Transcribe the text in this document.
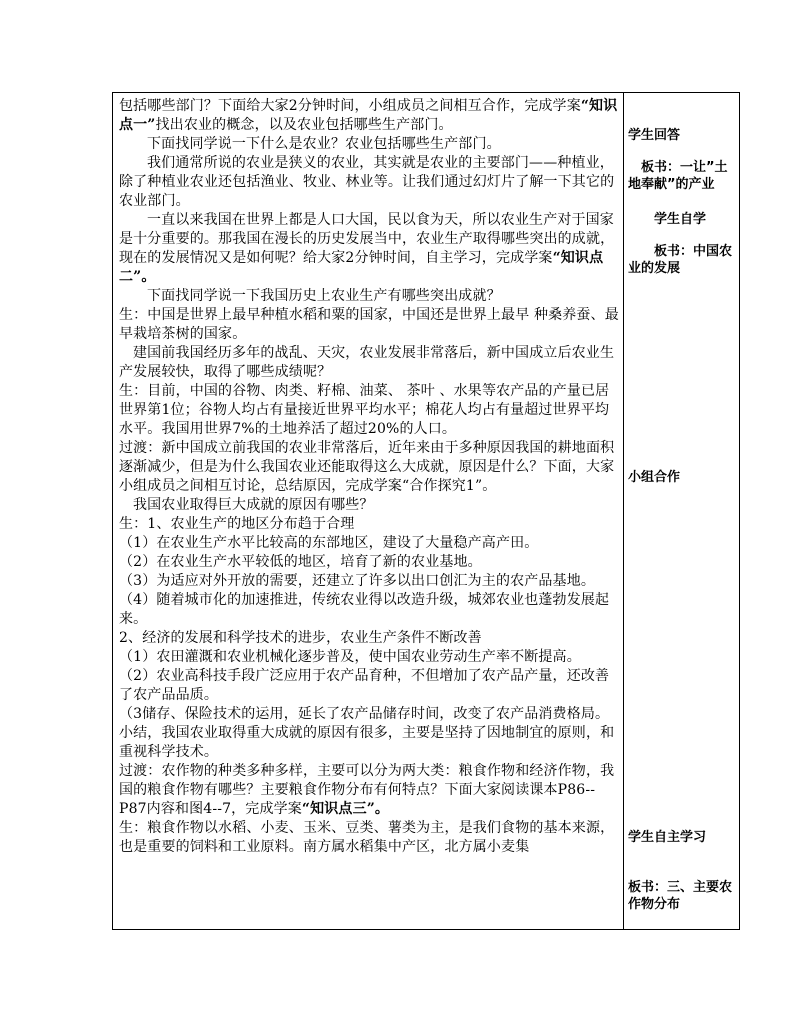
包括哪些部门？下面给大家2分钟时间，小组成员之间相互合作，完成学案“知识点一”找出农业的概念，以及农业包括哪些生产部门。

下面找同学说一下什么是农业？农业包括哪些生产部门。

我们通常所说的农业是狭义的农业，其实就是农业的主要部门——种植业，除了种植业农业还包括渔业、牧业、林业等。让我们通过幻灯片了解一下其它的农业部门。

一直以来我国在世界上都是人口大国，民以食为天，所以农业生产对于国家是十分重要的。那我国在漫长的历史发展当中，农业生产取得哪些突出的成就，现在的发展情况又是如何呢？给大家2分钟时间，自主学习，完成学案“知识点二”。

下面找同学说一下我国历史上农业生产有哪些突出成就？

生：中国是世界上最早种植水稻和粟的国家，中国还是世界上最早 种桑养蚕、最早栽培茶树的国家。

建国前我国经历多年的战乱、天灾，农业发展非常落后，新中国成立后农业生产发展较快，取得了哪些成绩呢？

生：目前，中国的谷物、肉类、籽棉、油菜、 茶叶 、水果等农产品的产量已居世界第1位；谷物人均占有量接近世界平均水平；棉花人均占有量超过世界平均水平。我国用世界7%的土地养活了超过20%的人口。

过渡：新中国成立前我国的农业非常落后，近年来由于多种原因我国的耕地面积逐渐减少，但是为什么我国农业还能取得这么大成就，原因是什么？下面，大家小组成员之间相互讨论，总结原因，完成学案“合作探究1”。

我国农业取得巨大成就的原因有哪些？

生：1、农业生产的地区分布趋于合理

（1）在农业生产水平比较高的东部地区，建设了大量稳产高产田。

（2）在农业生产水平较低的地区，培育了新的农业基地。

（3）为适应对外开放的需要，还建立了许多以出口创汇为主的农产品基地。

（4）随着城市化的加速推进，传统农业得以改造升级，城郊农业也蓬勃发展起来。

2、经济的发展和科学技术的进步，农业生产条件不断改善

（1）农田灌溉和农业机械化逐步普及，使中国农业劳动生产率不断提高。

（2）农业高科技手段广泛应用于农产品育种，不但增加了农产品产量，还改善了农产品品质。

（3储存、保险技术的运用，延长了农产品储存时间，改变了农产品消费格局。

小结，我国农业取得重大成就的原因有很多，主要是坚持了因地制宜的原则，和重视科学技术。

过渡：农作物的种类多种多样，主要可以分为两大类：粮食作物和经济作物，我国的粮食作物有哪些？主要粮食作物分布有何特点？下面大家阅读课本P86--P87内容和图4--7，完成学案“知识点三”。

生：粮食作物以水稻、小麦、玉米、豆类、薯类为主，是我们食物的基本来源，也是重要的饲料和工业原料。南方属水稻集中产区，北方属小麦集

学生回答
板书：一让”土地奉献”的产业
学生自学
板书：中国农业的发展
小组合作
学生自主学习
板书：三、主要农作物分布
